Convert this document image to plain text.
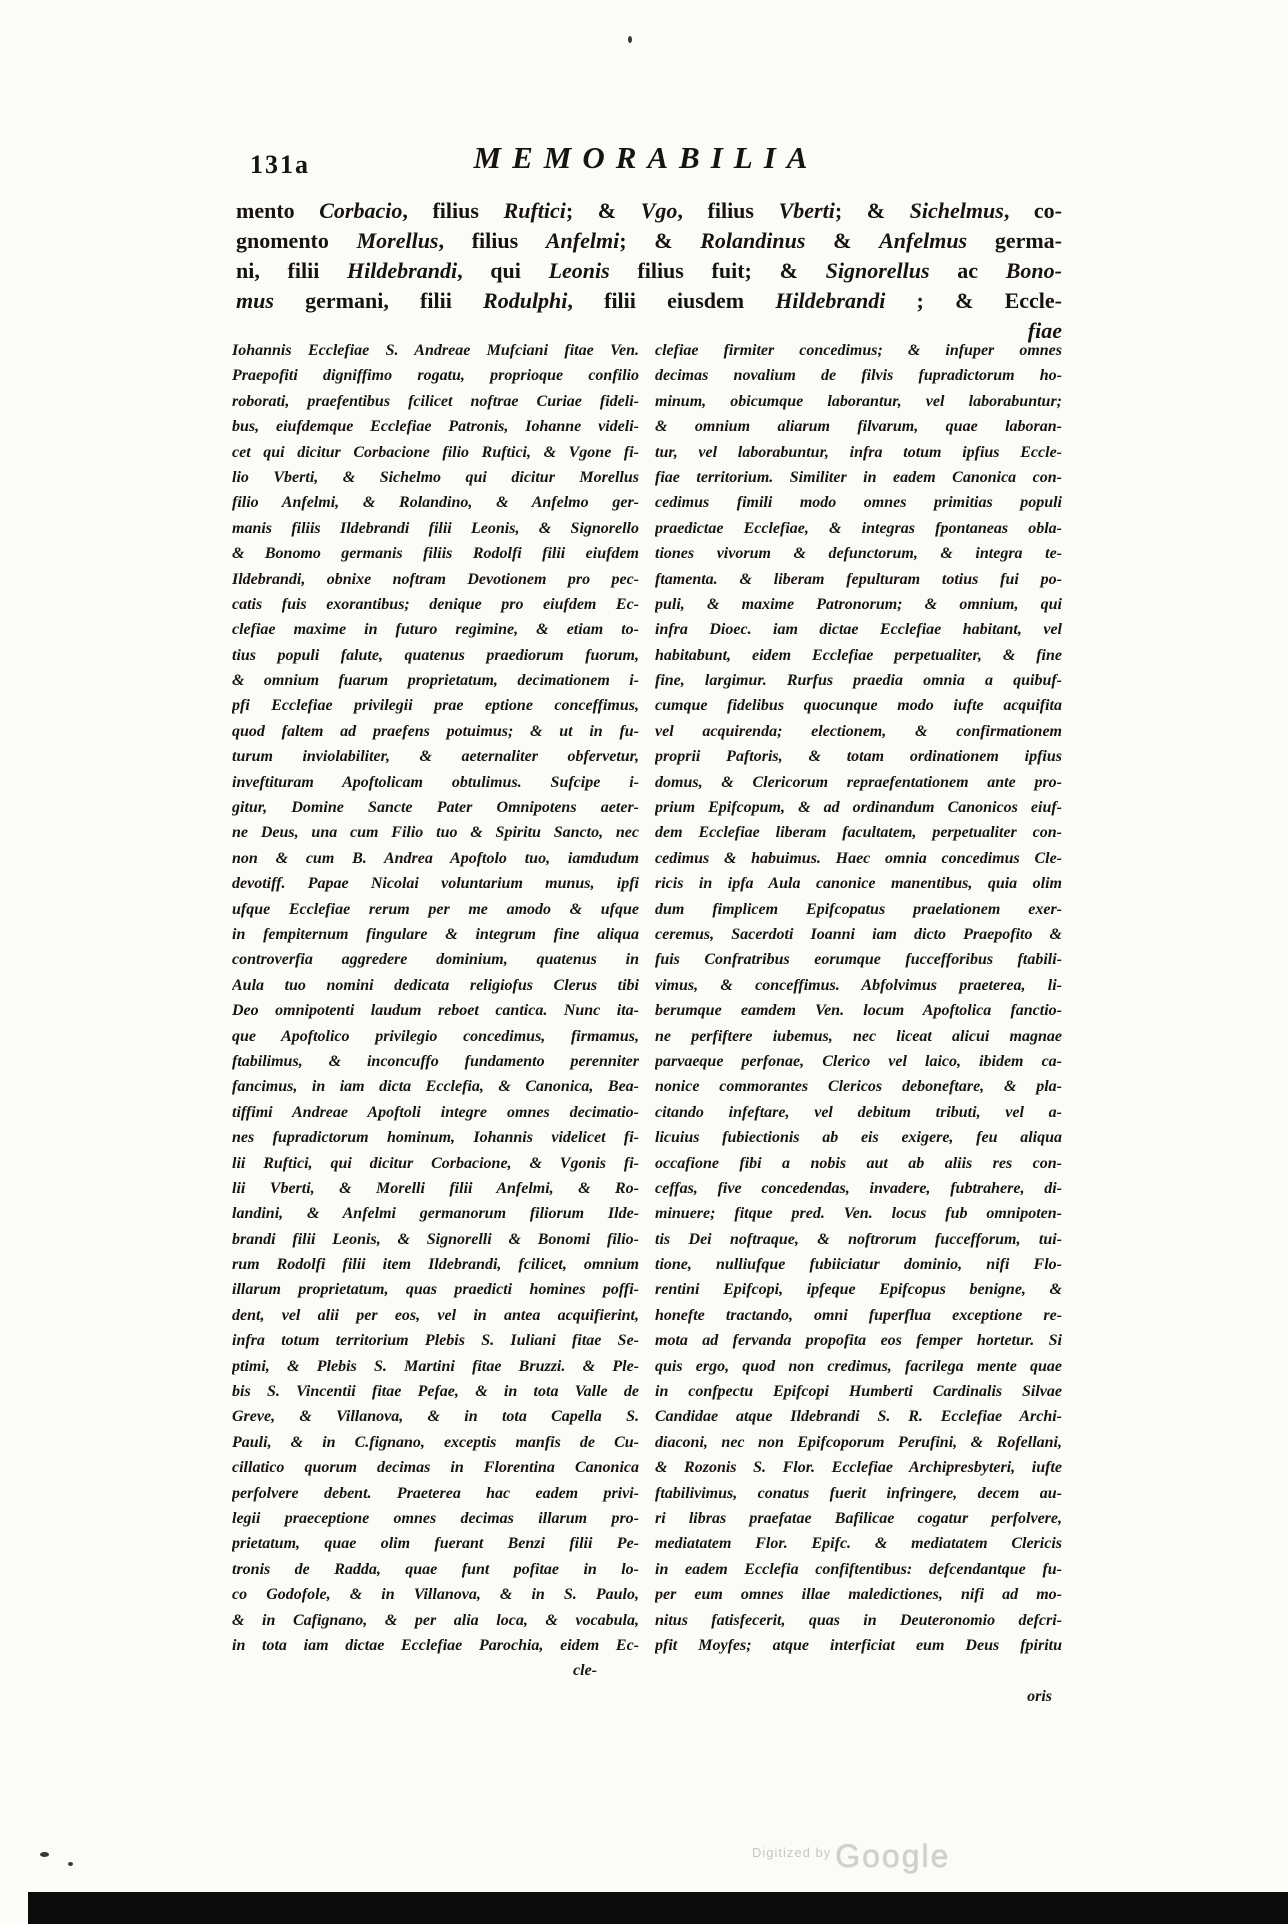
131a	MEMORABILIA
mento Corbacio, filius Ruftici; & Vgo, filius Vberti; & Sichelmus, co-
gnomento Morellus, filius Anfelmi; & Rolandinus & Anfelmus germa-
ni, filii Hildebrandi, qui Leonis filius fuit; & Signorellus ac Bono-
mus germani, filii Rodulphi, filii eiusdem Hildebrandi ; & Eccle-
fiae
Iohannis Ecclefiae S. Andreae Mufciani fitae Ven.
Praepofiti digniffimo rogatu, proprioque confilio
roborati, praefentibus fcilicet noftrae Curiae fideli-
bus, eiufdemque Ecclefiae Patronis, Iohanne videli-
cet qui dicitur Corbacione filio Ruftici, & Vgone fi-
lio Vberti, & Sichelmo qui dicitur Morellus
filio Anfelmi, & Rolandino, & Anfelmo ger-
manis filiis Ildebrandi filii Leonis, & Signorello
& Bonomo germanis filiis Rodolfi filii eiufdem
Ildebrandi, obnixe noftram Devotionem pro pec-
catis fuis exorantibus; denique pro eiufdem Ec-
clefiae maxime in futuro regimine, & etiam to-
tius populi falute, quatenus praediorum fuorum,
& omnium fuarum proprietatum, decimationem i-
pfi Ecclefiae privilegii prae eptione conceffimus,
quod faltem ad praefens potuimus; & ut in fu-
turum inviolabiliter, & aeternaliter obfervetur,
inveftituram Apoftolicam obtulimus. Sufcipe i-
gitur, Domine Sancte Pater Omnipotens aeter-
ne Deus, una cum Filio tuo & Spiritu Sancto, nec
non & cum B. Andrea Apoftolo tuo, iamdudum
devotiff. Papae Nicolai voluntarium munus, ipfi
ufque Ecclefiae rerum per me amodo & ufque
in fempiternum fingulare & integrum fine aliqua
controverfia aggredere dominium, quatenus in
Aula tuo nomini dedicata religiofus Clerus tibi
Deo omnipotenti laudum reboet cantica. Nunc ita-
que Apoftolico privilegio concedimus, firmamus,
ftabilimus, & inconcuffo fundamento perenniter
fancimus, in iam dicta Ecclefia, & Canonica, Bea-
tiffimi Andreae Apoftoli integre omnes decimatio-
nes fupradictorum hominum, Iohannis videlicet fi-
lii Ruftici, qui dicitur Corbacione, & Vgonis fi-
lii Vberti, & Morelli filii Anfelmi, & Ro-
landini, & Anfelmi germanorum filiorum Ilde-
brandi filii Leonis, & Signorelli & Bonomi filio-
rum Rodolfi filii item Ildebrandi, fcilicet, omnium
illarum proprietatum, quas praedicti homines poffi-
dent, vel alii per eos, vel in antea acquifierint,
infra totum territorium Plebis S. Iuliani fitae Se-
ptimi, & Plebis S. Martini fitae Bruzzi. & Ple-
bis S. Vincentii fitae Pefae, & in tota Valle de
Greve, & Villanova, & in tota Capella S.
Pauli, & in C.fignano, exceptis manfis de Cu-
cillatico quorum decimas in Florentina Canonica
perfolvere debent. Praeterea hac eadem privi-
legii praeceptione omnes decimas illarum pro-
prietatum, quae olim fuerant Benzi filii Pe-
tronis de Radda, quae funt pofitae in lo-
co Godofole, & in Villanova, & in S. Paulo,
& in Cafignano, & per alia loca, & vocabula,
in tota iam dictae Ecclefiae Parochia, eidem Ec-
clefiae firmiter concedimus; & infuper omnes
decimas novalium de filvis fupradictorum ho-
minum, obicumque laborantur, vel laborabuntur;
& omnium aliarum filvarum, quae laboran-
tur, vel laborabuntur, infra totum ipfius Eccle-
fiae territorium. Similiter in eadem Canonica con-
cedimus fimili modo omnes primitias populi
praedictae Ecclefiae, & integras fpontaneas obla-
tiones vivorum & defunctorum, & integra te-
ftamenta. & liberam fepulturam totius fui po-
puli, & maxime Patronorum; & omnium, qui
infra Dioec. iam dictae Ecclefiae habitant, vel
habitabunt, eidem Ecclefiae perpetualiter, & fine
fine, largimur. Rurfus praedia omnia a quibuf-
cumque fidelibus quocunque modo iufte acquifita
vel acquirenda; electionem, & confirmationem
proprii Paftoris, & totam ordinationem ipfius
domus, & Clericorum repraefentationem ante pro-
prium Epifcopum, & ad ordinandum Canonicos eiuf-
dem Ecclefiae liberam facultatem, perpetualiter con-
cedimus & habuimus. Haec omnia concedimus Cle-
ricis in ipfa Aula canonice manentibus, quia olim
dum fimplicem Epifcopatus praelationem exer-
ceremus, Sacerdoti Ioanni iam dicto Praepofito &
fuis Confratribus eorumque fuccefforibus ftabili-
vimus, & conceffimus. Abfolvimus praeterea, li-
berumque eamdem Ven. locum Apoftolica fanctio-
ne perfiftere iubemus, nec liceat alicui magnae
parvaeque perfonae, Clerico vel laico, ibidem ca-
nonice commorantes Clericos deboneftare, & pla-
citando infeftare, vel debitum tributi, vel a-
licuius fubiectionis ab eis exigere, feu aliqua
occafione fibi a nobis aut ab aliis res con-
ceffas, five concedendas, invadere, fubtrahere, di-
minuere; fitque pred. Ven. locus fub omnipoten-
tis Dei noftraque, & noftrorum fuccefforum, tui-
tione, nulliufque fubiiciatur dominio, nifi Flo-
rentini Epifcopi, ipfeque Epifcopus benigne, &
honefte tractando, omni fuperflua exceptione re-
mota ad fervanda propofita eos femper hortetur. Si
quis ergo, quod non credimus, facrilega mente quae
in confpectu Epifcopi Humberti Cardinalis Silvae
Candidae atque Ildebrandi S. R. Ecclefiae Archi-
diaconi, nec non Epifcoporum Perufini, & Rofellani,
& Rozonis S. Flor. Ecclefiae Archipresbyteri, iufte
ftabilivimus, conatus fuerit infringere, decem au-
ri libras praefatae Bafilicae cogatur perfolvere,
mediatatem Flor. Epifc. & mediatatem Clericis
in eadem Ecclefia confiftentibus: defcendantque fu-
per eum omnes illae maledictiones, nifi ad mo-
nitus fatisfecerit, quas in Deuteronomio defcri-
pfit Moyfes; atque interficiat eum Deus fpiritu
cle-
oris
$^{Digitized by}$ Google
